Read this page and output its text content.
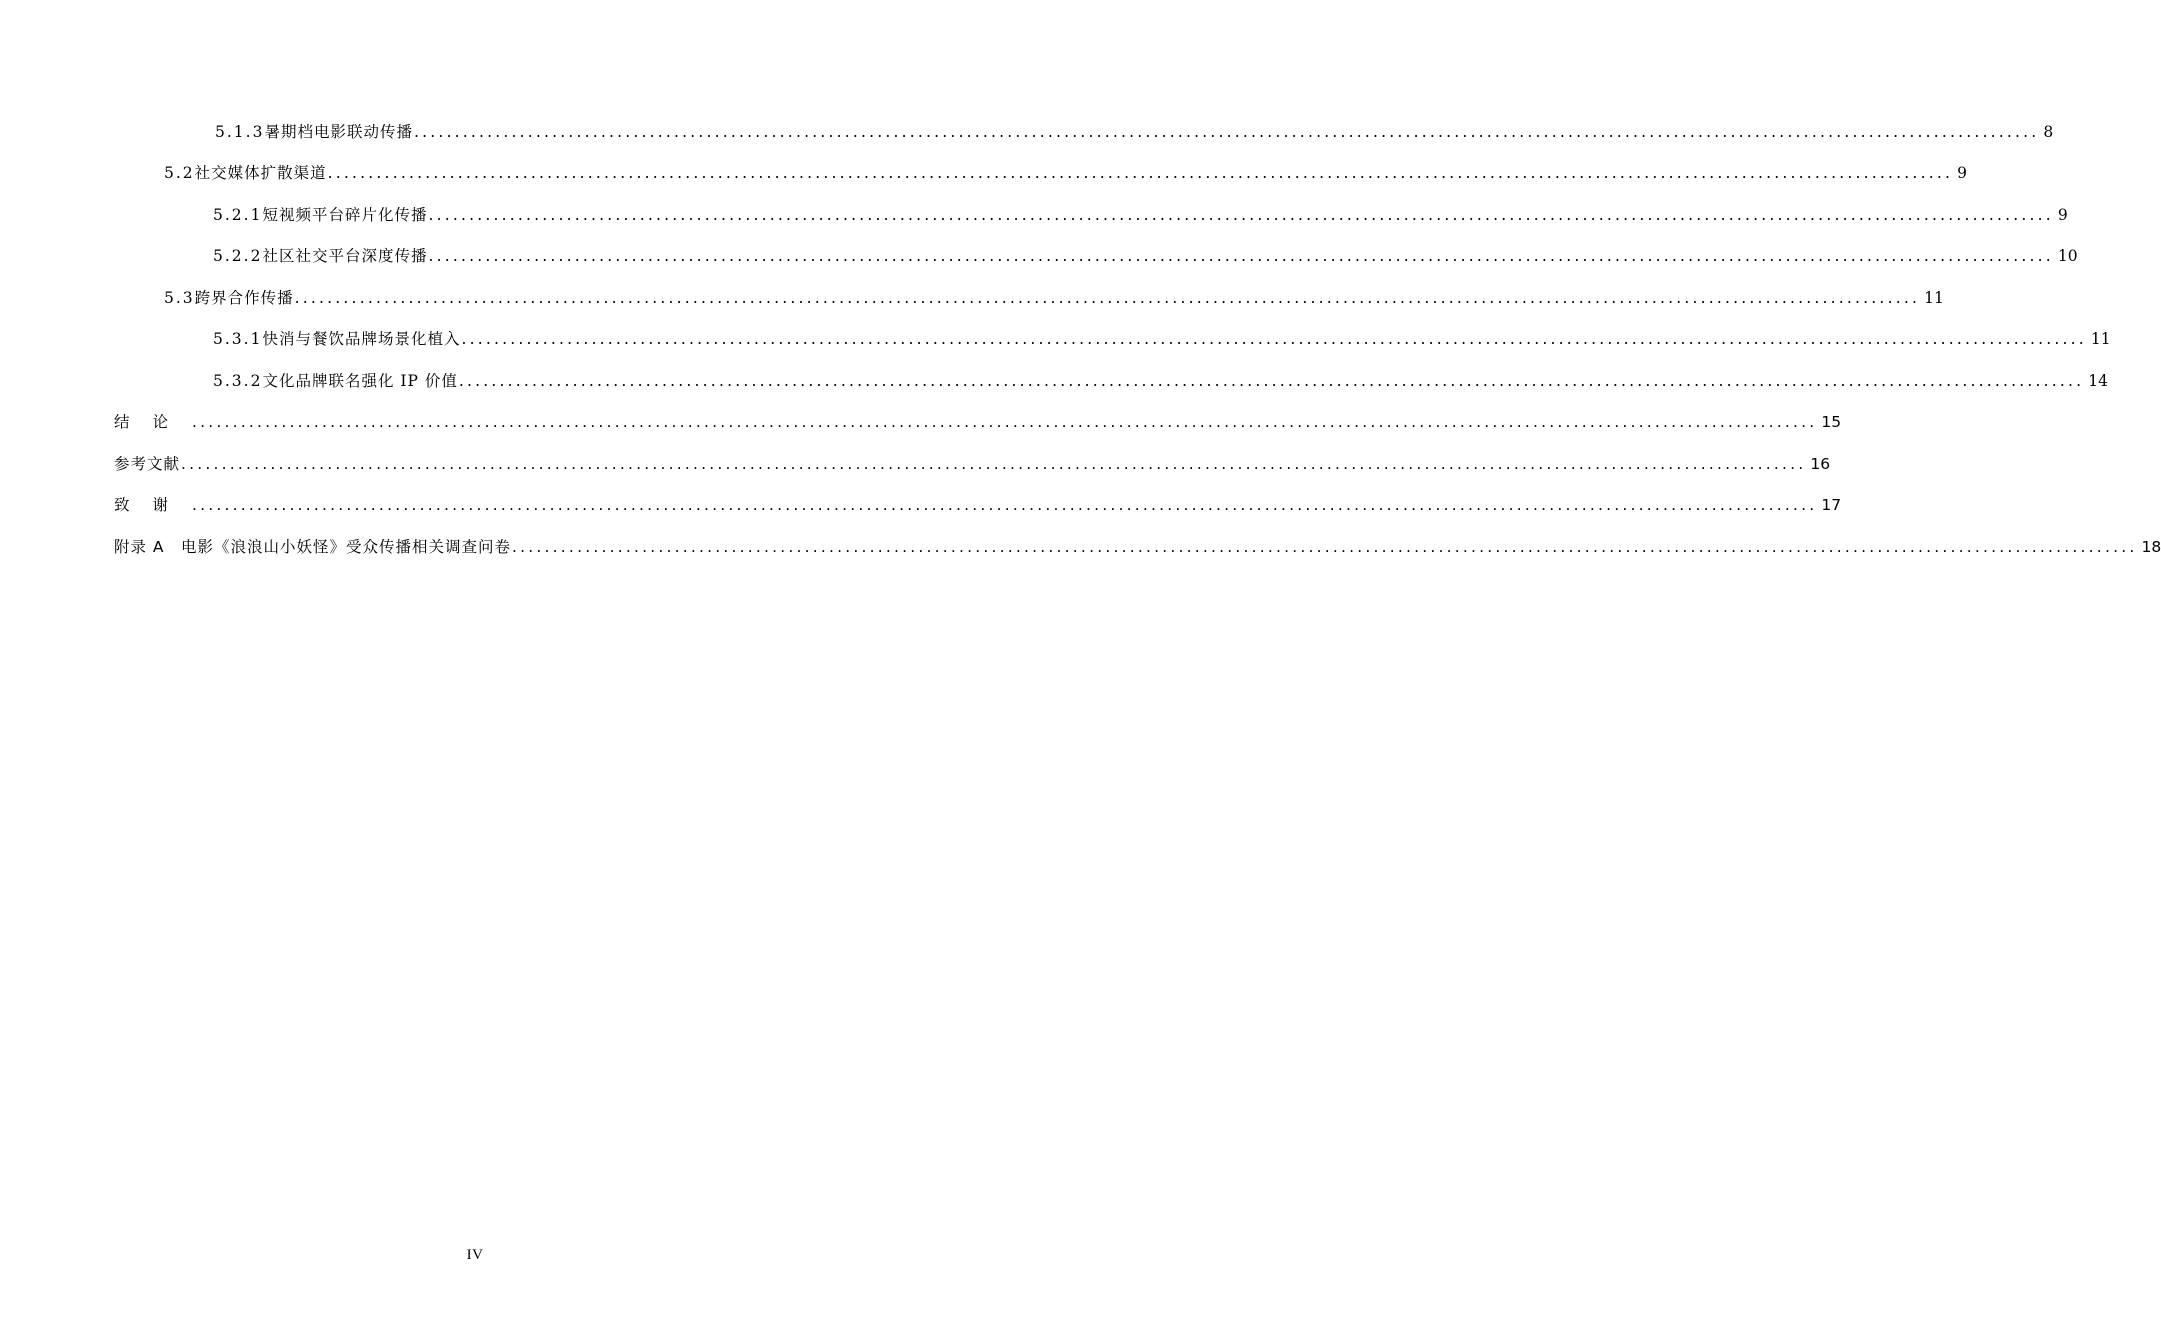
5.1.3 暑期档电影联动传播 ........................................................................................................................................................................................................ 8
5.2 社交媒体扩散渠道 ........................................................................................................................................................................................................ 9
5.2.1 短视频平台碎片化传播 ........................................................................................................................................................................................................ 9
5.2.2 社区社交平台深度传播 ........................................................................................................................................................................................................ 10
5.3 跨界合作传播 ........................................................................................................................................................................................................ 11
5.3.1 快消与餐饮品牌场景化植入 ........................................................................................................................................................................................................ 11
5.3.2 文化品牌联名强化 IP 价值 ........................................................................................................................................................................................................ 14
结论 ........................................................................................................................................................................................................ 15
参考文献 ........................................................................................................................................................................................................ 16
致谢 ........................................................................................................................................................................................................ 17
附录 A　电影《浪浪山小妖怪》受众传播相关调查问卷 ........................................................................................................................................................................................................ 18
IV
